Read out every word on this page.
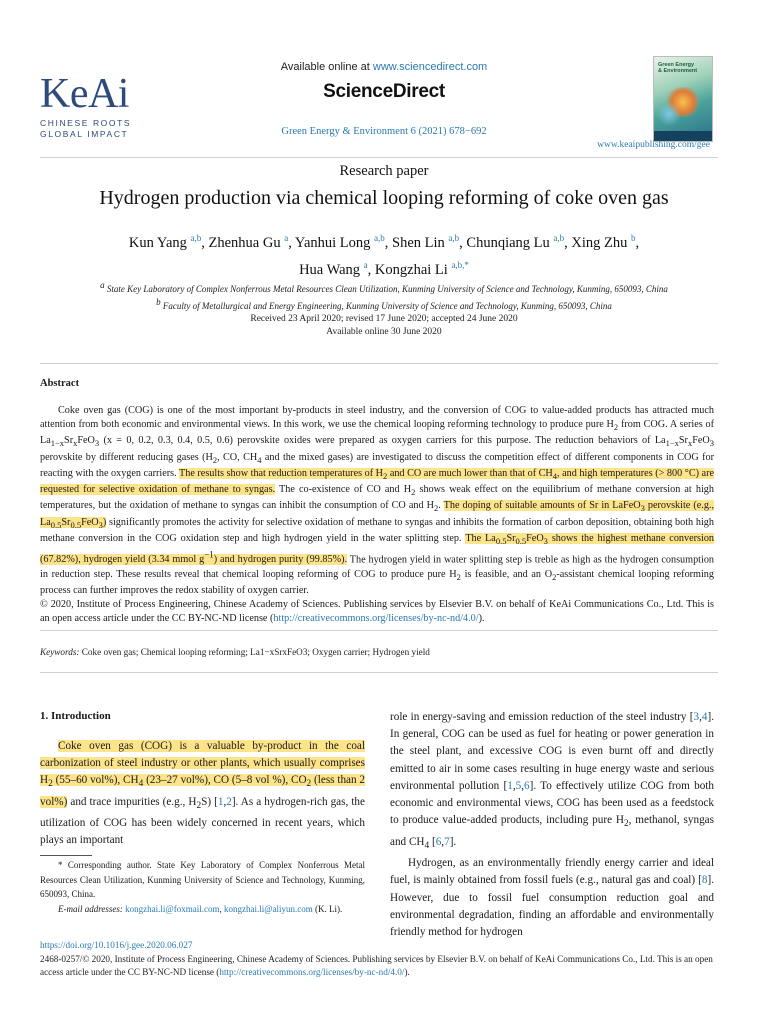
KeAi
CHINESE ROOTS
GLOBAL IMPACT
Available online at www.sciencedirect.com
ScienceDirect
Green Energy & Environment 6 (2021) 678−692
Green Energy
& Environment
www.keaipublishing.com/gee
Research paper
Hydrogen production via chemical looping reforming of coke oven gas
Kun Yang $^{a,b}$, Zhenhua Gu $^a$, Yanhui Long $^{a,b}$, Shen Lin $^{a,b}$, Chunqiang Lu $^{a,b}$, Xing Zhu $^b$,
Hua Wang $^a$, Kongzhai Li $^{a,b,*}$
$^a$ State Key Laboratory of Complex Nonferrous Metal Resources Clean Utilization, Kunming University of Science and Technology, Kunming, 650093, China
$^b$ Faculty of Metallurgical and Energy Engineering, Kunming University of Science and Technology, Kunming, 650093, China
Received 23 April 2020; revised 17 June 2020; accepted 24 June 2020
Available online 30 June 2020
Abstract

Coke oven gas (COG) is one of the most important by-products in steel industry, and the conversion of COG to value-added products has attracted much attention from both economic and environmental views. In this work, we use the chemical looping reforming technology to produce pure $H_2$ from COG. A series of $La_{1-x}Sr_xFeO_3$ (x = 0, 0.2, 0.3, 0.4, 0.5, 0.6) perovskite oxides were prepared as oxygen carriers for this purpose. The reduction behaviors of $La_{1-x}Sr_xFeO_3$ perovskite by different reducing gases ($H_2$, CO, $CH_4$ and the mixed gases) are investigated to discuss the competition effect of different components in COG for reacting with the oxygen carriers. The results show that reduction temperatures of $H_2$ and CO are much lower than that of $CH_4$, and high temperatures (> 800 °C) are requested for selective oxidation of methane to syngas. The co-existence of CO and $H_2$ shows weak effect on the equilibrium of methane conversion at high temperatures, but the oxidation of methane to syngas can inhibit the consumption of CO and $H_2$. The doping of suitable amounts of Sr in LaFeO$_3$ perovskite (e.g., $La_{0.5}Sr_{0.5}FeO_3$) significantly promotes the activity for selective oxidation of methane to syngas and inhibits the formation of carbon deposition, obtaining both high methane conversion in the COG oxidation step and high hydrogen yield in the water splitting step. The $La_{0.5}Sr_{0.5}FeO_3$ shows the highest methane conversion (67.82%), hydrogen yield (3.34 mmol $g^{-1}$) and hydrogen purity (99.85%). The hydrogen yield in water splitting step is treble as high as the hydrogen consumption in reduction step. These results reveal that chemical looping reforming of COG to produce pure $H_2$ is feasible, and an $O_2$-assistant chemical looping reforming process can further improves the redox stability of oxygen carrier.

© 2020, Institute of Process Engineering, Chinese Academy of Sciences. Publishing services by Elsevier B.V. on behalf of KeAi Communications Co., Ltd. This is an open access article under the CC BY-NC-ND license (http://creativecommons.org/licenses/by-nc-nd/4.0/).

Keywords: Coke oven gas; Chemical looping reforming; La1−xSrxFeO3; Oxygen carrier; Hydrogen yield
1. Introduction

Coke oven gas (COG) is a valuable by-product in the coal carbonization of steel industry or other plants, which usually comprises $H_2$ (55–60 vol%), $CH_4$ (23–27 vol%), CO (5–8 vol %), $CO_2$ (less than 2 vol%) and trace impurities (e.g., $H_2S$) [1,2]. As a hydrogen-rich gas, the utilization of COG has been widely concerned in recent years, which plays an important

* Corresponding author. State Key Laboratory of Complex Nonferrous Metal Resources Clean Utilization, Kunming University of Science and Technology, Kunming, 650093, China.

E-mail addresses: kongzhai.li@foxmail.com, kongzhai.li@aliyun.com (K. Li).

role in energy-saving and emission reduction of the steel industry [3,4]. In general, COG can be used as fuel for heating or power generation in the steel plant, and excessive COG is even burnt off and directly emitted to air in some cases resulting in huge energy waste and serious environmental pollution [1,5,6]. To effectively utilize COG from both economic and environmental views, COG has been used as a feedstock to produce value-added products, including pure $H_2$, methanol, syngas and $CH_4$ [6,7].

Hydrogen, as an environmentally friendly energy carrier and ideal fuel, is mainly obtained from fossil fuels (e.g., natural gas and coal) [8]. However, due to fossil fuel consumption reduction goal and environmental degradation, finding an affordable and environmentally friendly method for hydrogen

https://doi.org/10.1016/j.gee.2020.06.027
2468-0257/© 2020, Institute of Process Engineering, Chinese Academy of Sciences. Publishing services by Elsevier B.V. on behalf of KeAi Communications Co., Ltd. This is an open access article under the CC BY-NC-ND license (http://creativecommons.org/licenses/by-nc-nd/4.0/).
